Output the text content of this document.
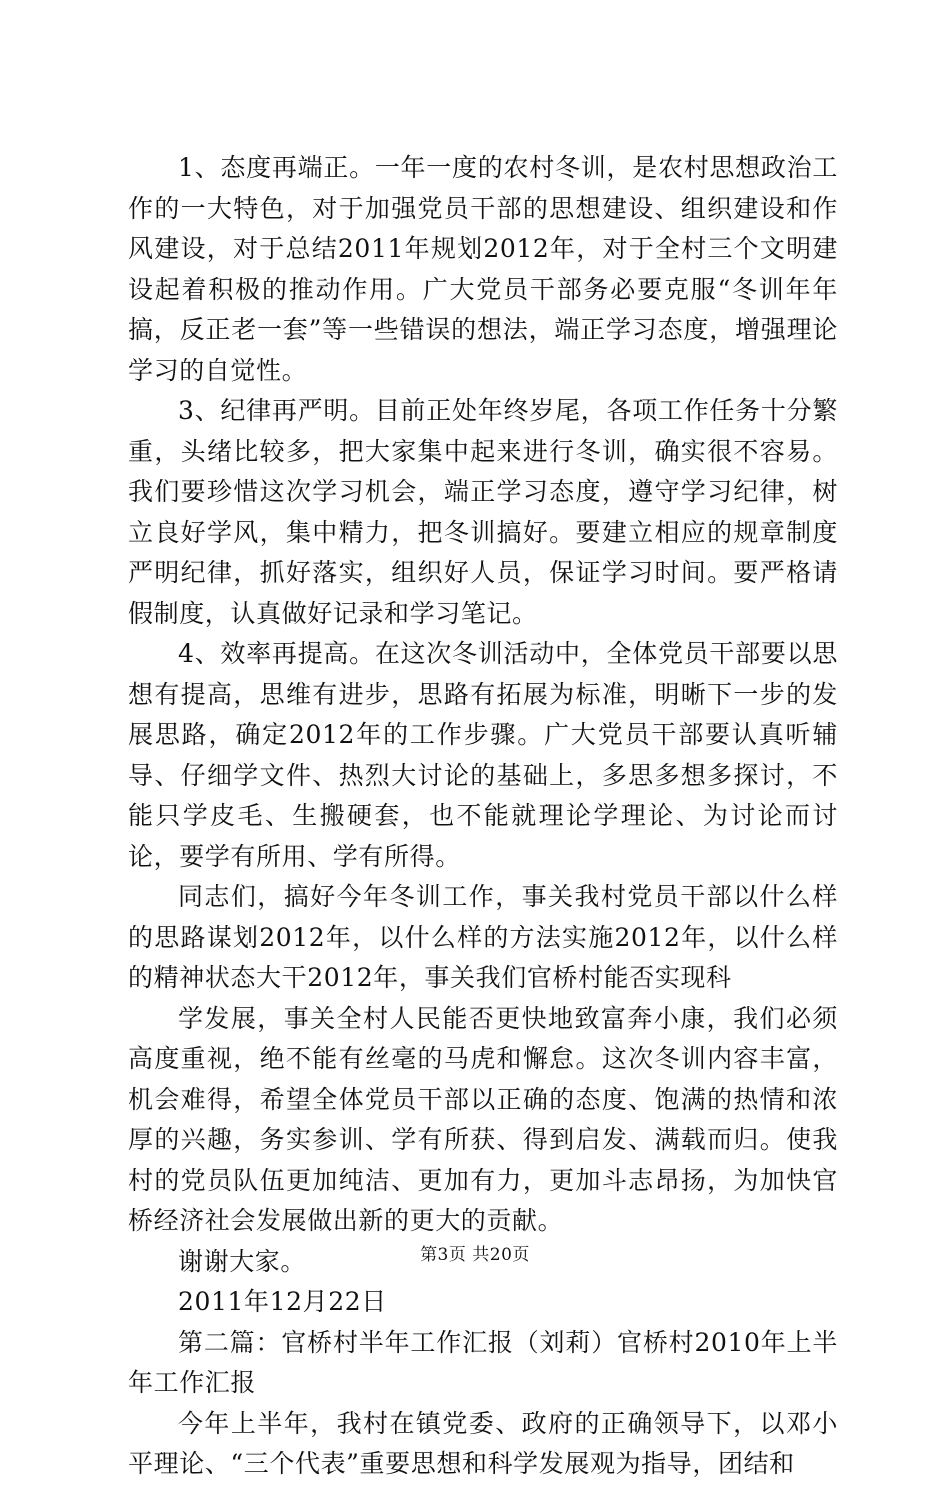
1、态度再端正。一年一度的农村冬训，是农村思想政治工作的一大特色，对于加强党员干部的思想建设、组织建设和作风建设，对于总结2011年规划2012年，对于全村三个文明建设起着积极的推动作用。广大党员干部务必要克服“冬训年年搞，反正老一套”等一些错误的想法，端正学习态度，增强理论学习的自觉性。

3、纪律再严明。目前正处年终岁尾，各项工作任务十分繁重，头绪比较多，把大家集中起来进行冬训，确实很不容易。我们要珍惜这次学习机会，端正学习态度，遵守学习纪律，树立良好学风，集中精力，把冬训搞好。要建立相应的规章制度严明纪律，抓好落实，组织好人员，保证学习时间。要严格请假制度，认真做好记录和学习笔记。

4、效率再提高。在这次冬训活动中，全体党员干部要以思想有提高，思维有进步，思路有拓展为标准，明晰下一步的发展思路，确定2012年的工作步骤。广大党员干部要认真听辅导、仔细学文件、热烈大讨论的基础上，多思多想多探讨，不能只学皮毛、生搬硬套，也不能就理论学理论、为讨论而讨论，要学有所用、学有所得。

同志们，搞好今年冬训工作，事关我村党员干部以什么样的思路谋划2012年，以什么样的方法实施2012年，以什么样的精神状态大干2012年，事关我们官桥村能否实现科

学发展，事关全村人民能否更快地致富奔小康，我们必须高度重视，绝不能有丝毫的马虎和懈怠。这次冬训内容丰富，机会难得，希望全体党员干部以正确的态度、饱满的热情和浓厚的兴趣，务实参训、学有所获、得到启发、满载而归。使我村的党员队伍更加纯洁、更加有力，更加斗志昂扬，为加快官桥经济社会发展做出新的更大的贡献。

谢谢大家。

2011年12月22日

第二篇：官桥村半年工作汇报（刘莉）官桥村2010年上半年工作汇报

今年上半年，我村在镇党委、政府的正确领导下，以邓小平理论、“三个代表”重要思想和科学发展观为指导，团结和

第3页 共20页
